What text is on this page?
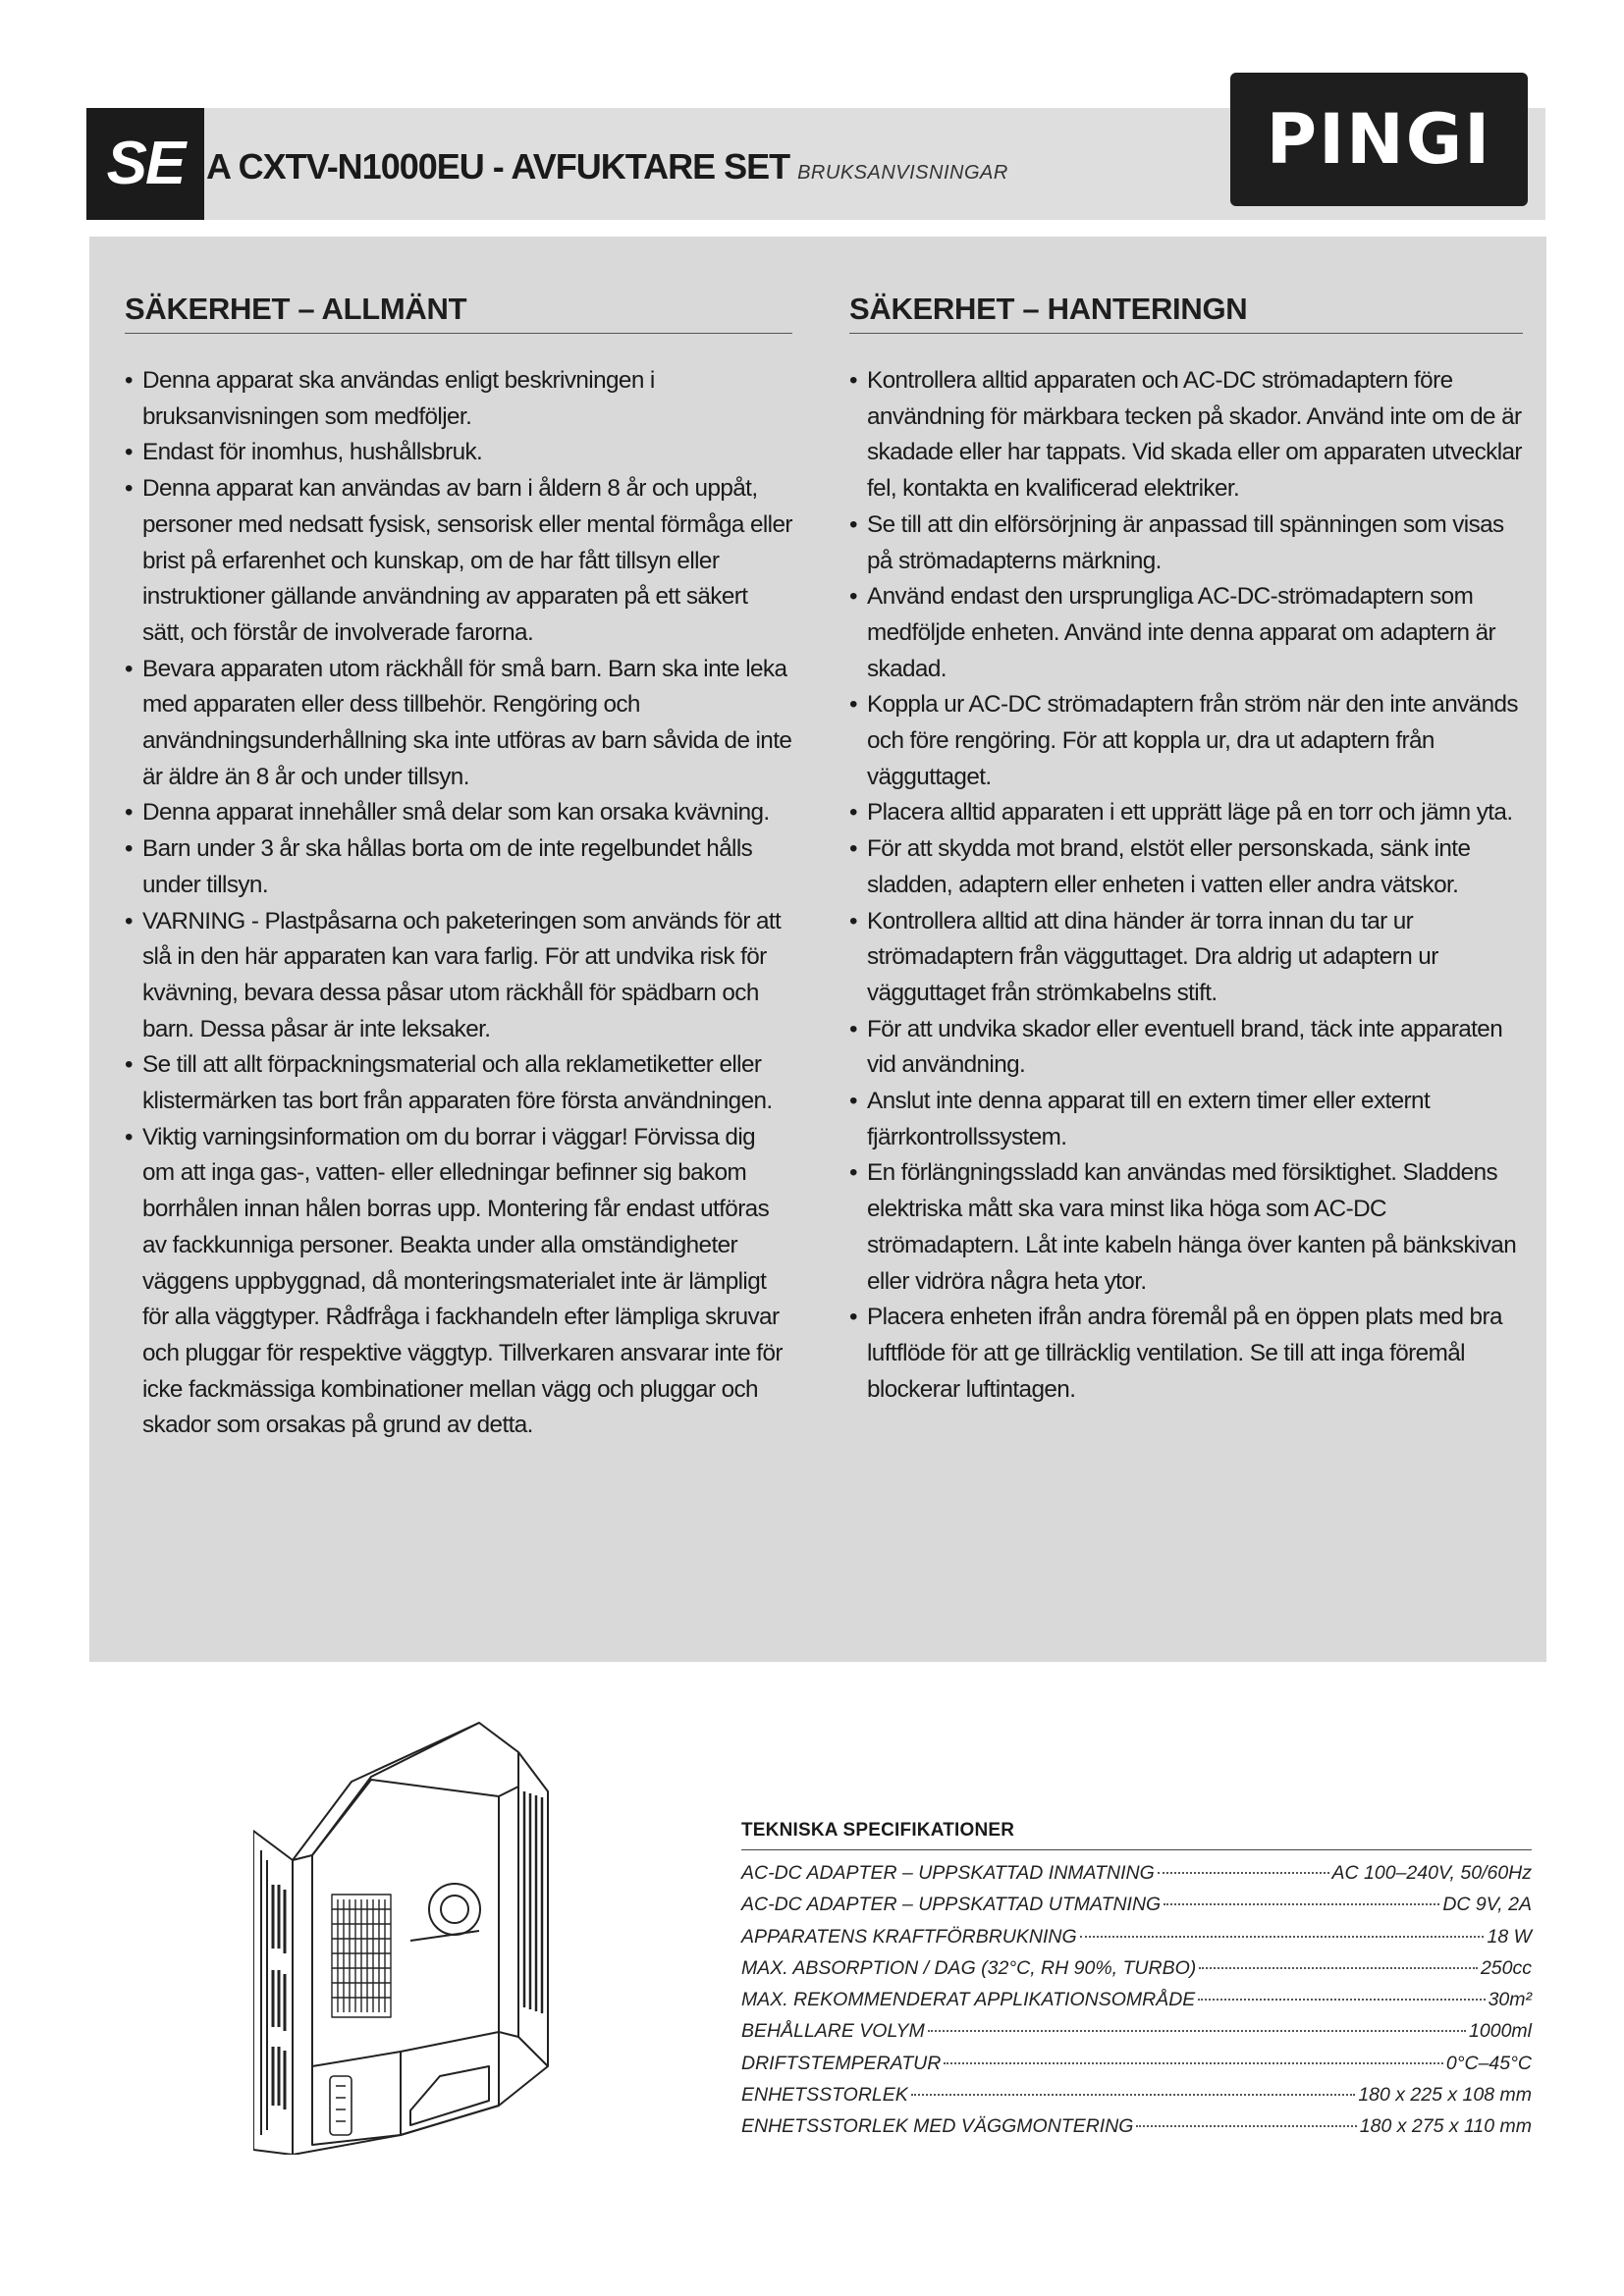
SE A CXTV-N1000EU - AVFUKTARE SET BRUKSANVISNINGAR	PINGI
SÄKERHET – ALLMÄNT
• Denna apparat ska användas enligt beskrivningen i bruksanvisningen som medföljer.
• Endast för inomhus, hushållsbruk.
• Denna apparat kan användas av barn i åldern 8 år och uppåt, personer med nedsatt fysisk, sensorisk eller mental förmåga eller brist på erfarenhet och kunskap, om de har fått tillsyn eller instruktioner gällande användning av apparaten på ett säkert sätt, och förstår de involverade farorna.
• Bevara apparaten utom räckhåll för små barn. Barn ska inte leka med apparaten eller dess tillbehör. Rengöring och användningsunderhållning ska inte utföras av barn såvida de inte är äldre än 8 år och under tillsyn.
• Denna apparat innehåller små delar som kan orsaka kvävning.
• Barn under 3 år ska hållas borta om de inte regelbundet hålls under tillsyn.
• VARNING - Plastpåsarna och paketeringen som används för att slå in den här apparaten kan vara farlig. För att undvika risk för kvävning, bevara dessa påsar utom räckhåll för spädbarn och barn. Dessa påsar är inte leksaker.
• Se till att allt förpackningsmaterial och alla reklametiketter eller klistermärken tas bort från apparaten före första användningen.
• Viktig varningsinformation om du borrar i väggar! Förvissa dig om att inga gas-, vatten- eller elledningar befinner sig bakom borrhålen innan hålen borras upp. Montering får endast utföras av fackkunniga personer. Beakta under alla omständigheter väggens uppbyggnad, då monteringsmaterialet inte är lämpligt för alla väggtyper. Rådfråga i fackhandeln efter lämpliga skruvar och pluggar för respektive väggtyp. Tillverkaren ansvarar inte för icke fackmässiga kombinationer mellan vägg och pluggar och skador som orsakas på grund av detta.
SÄKERHET – HANTERINGN
• Kontrollera alltid apparaten och AC-DC strömadaptern före användning för märkbara tecken på skador. Använd inte om de är skadade eller har tappats. Vid skada eller om apparaten utvecklar fel, kontakta en kvalificerad elektriker.
• Se till att din elförsörjning är anpassad till spänningen som visas på strömadapterns märkning.
• Använd endast den ursprungliga AC-DC-strömadaptern som medföljde enheten. Använd inte denna apparat om adaptern är skadad.
• Koppla ur AC-DC strömadaptern från ström när den inte används och före rengöring. För att koppla ur, dra ut adaptern från vägguttaget.
• Placera alltid apparaten i ett upprätt läge på en torr och jämn yta.
• För att skydda mot brand, elstöt eller personskada, sänk inte sladden, adaptern eller enheten i vatten eller andra vätskor.
• Kontrollera alltid att dina händer är torra innan du tar ur strömadaptern från vägguttaget. Dra aldrig ut adaptern ur vägguttaget från strömkabelns stift.
• För att undvika skador eller eventuell brand, täck inte apparaten vid användning.
• Anslut inte denna apparat till en extern timer eller externt fjärrkontrollssystem.
• En förlängningssladd kan användas med försiktighet. Sladdens elektriska mått ska vara minst lika höga som AC-DC strömadaptern. Låt inte kabeln hänga över kanten på bänkskivan eller vidröra några heta ytor.
• Placera enheten ifrån andra föremål på en öppen plats med bra luftflöde för att ge tillräcklig ventilation. Se till att inga föremål blockerar luftintagen.
TEKNISKA SPECIFIKATIONER
AC-DC ADAPTER – UPPSKATTAD INMATNING	AC 100–240V, 50/60Hz
AC-DC ADAPTER – UPPSKATTAD UTMATNING	DC 9V, 2A
APPARATENS KRAFTFÖRBRUKNING	18 W
MAX. ABSORPTION / DAG (32°C, RH 90%, TURBO)	250cc
MAX. REKOMMENDERAT APPLIKATIONSOMRÅDE	30m²
BEHÅLLARE VOLYM	1000ml
DRIFTSTEMPERATUR	0°C–45°C
ENHETSSTORLEK	180 x 225 x 108 mm
ENHETSSTORLEK MED VÄGGMONTERING	180 x 275 x 110 mm
